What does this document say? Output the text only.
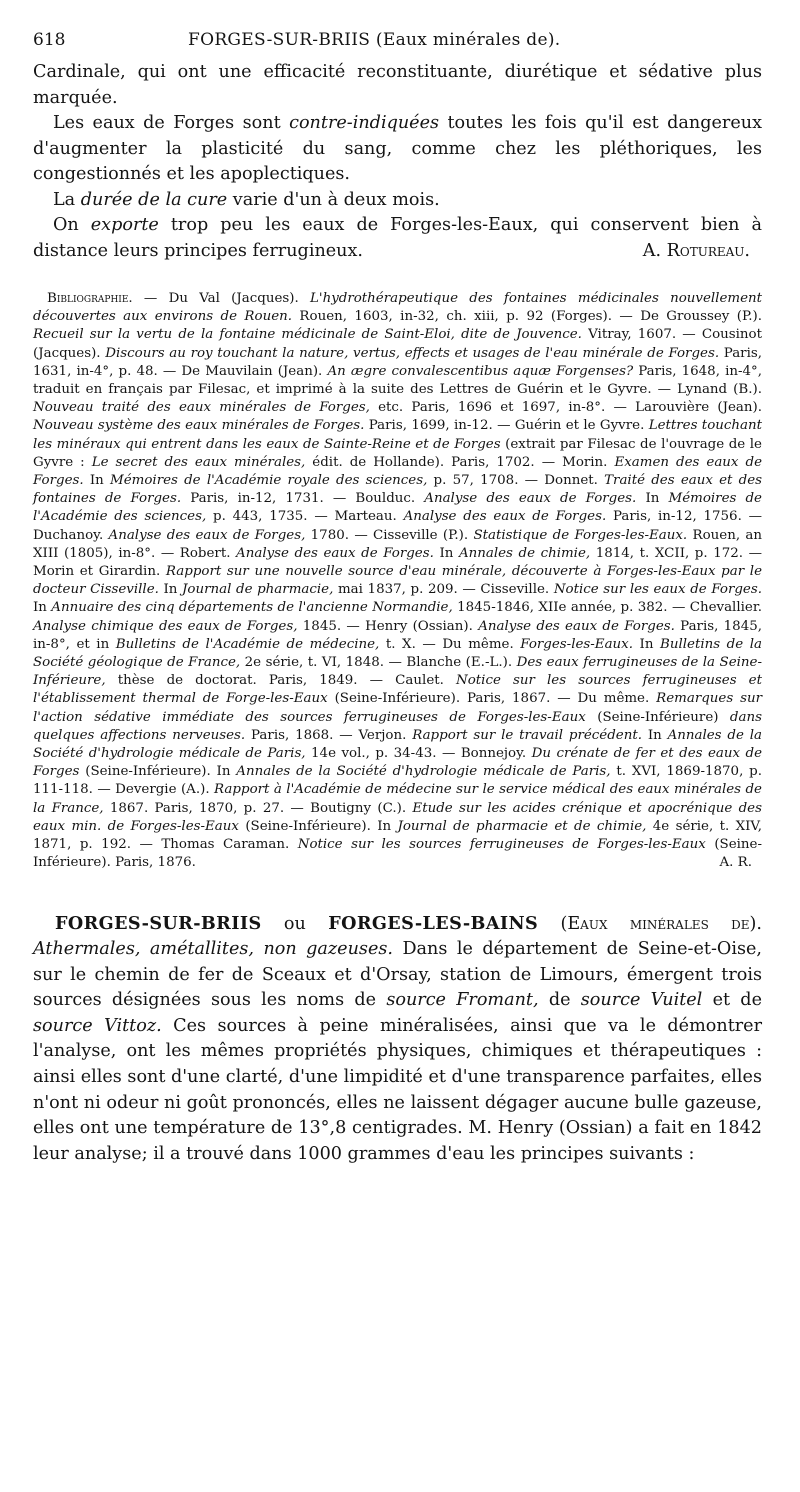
618	FORGES-SUR-BRIIS (Eaux minérales de).

Cardinale, qui ont une efficacité reconstituante, diurétique et sédative plus marquée.

Les eaux de Forges sont contre-indiquées toutes les fois qu'il est dangereux d'augmenter la plasticité du sang, comme chez les pléthoriques, les congestionnés et les apoplectiques.

La durée de la cure varie d'un à deux mois.

On exporte trop peu les eaux de Forges-les-Eaux, qui conservent bien à distance leurs principes ferrugineux.	A. Rotureau.

Bibliographie. — Du Val (Jacques). L'hydrothérapeutique des fontaines médicinales nouvellement découvertes aux environs de Rouen. Rouen, 1603, in-32, ch. xiii, p. 92 (Forges). — De Groussey (P.). Recueil sur la vertu de la fontaine médicinale de Saint-Eloi, dite de Jouvence. Vitray, 1607. — Cousinot (Jacques). Discours au roy touchant la nature, vertus, effects et usages de l'eau minérale de Forges. Paris, 1631, in-4°, p. 48. — De Mauvilain (Jean). An ægre convalescentibus aquæ Forgenses? Paris, 1648, in-4°, traduit en français par Filesac, et imprimé à la suite des Lettres de Guérin et le Gyvre. — Lynand (B.). Nouveau traité des eaux minérales de Forges, etc. Paris, 1696 et 1697, in-8°. — Larouvière (Jean). Nouveau système des eaux minérales de Forges. Paris, 1699, in-12. — Guérin et le Gyvre. Lettres touchant les minéraux qui entrent dans les eaux de Sainte-Reine et de Forges (extrait par Filesac de l'ouvrage de le Gyvre : Le secret des eaux minérales, édit. de Hollande). Paris, 1702. — Morin. Examen des eaux de Forges. In Mémoires de l'Académie royale des sciences, p. 57, 1708. — Donnet. Traité des eaux et des fontaines de Forges. Paris, in-12, 1731. — Boulduc. Analyse des eaux de Forges. In Mémoires de l'Académie des sciences, p. 443, 1735. — Marteau. Analyse des eaux de Forges. Paris, in-12, 1756. — Duchanoy. Analyse des eaux de Forges, 1780. — Cisseville (P.). Statistique de Forges-les-Eaux. Rouen, an XIII (1805), in-8°. — Robert. Analyse des eaux de Forges. In Annales de chimie, 1814, t. XCII, p. 172. — Morin et Girardin. Rapport sur une nouvelle source d'eau minérale, découverte à Forges-les-Eaux par le docteur Cisseville. In Journal de pharmacie, mai 1837, p. 209. — Cisseville. Notice sur les eaux de Forges. In Annuaire des cinq départements de l'ancienne Normandie, 1845-1846, XIIe année, p. 382. — Chevallier. Analyse chimique des eaux de Forges, 1845. — Henry (Ossian). Analyse des eaux de Forges. Paris, 1845, in-8°, et in Bulletins de l'Académie de médecine, t. X. — Du même. Forges-les-Eaux. In Bulletins de la Société géologique de France, 2e série, t. VI, 1848. — Blanche (E.-L.). Des eaux ferrugineuses de la Seine-Inférieure, thèse de doctorat. Paris, 1849. — Caulet. Notice sur les sources ferrugineuses et l'établissement thermal de Forge-les-Eaux (Seine-Inférieure). Paris, 1867. — Du même. Remarques sur l'action sédative immédiate des sources ferrugineuses de Forges-les-Eaux (Seine-Inférieure) dans quelques affections nerveuses. Paris, 1868. — Verjon. Rapport sur le travail précédent. In Annales de la Société d'hydrologie médicale de Paris, 14e vol., p. 34-43. — Bonnejoy. Du crénate de fer et des eaux de Forges (Seine-Inférieure). In Annales de la Société d'hydrologie médicale de Paris, t. XVI, 1869-1870, p. 111-118. — Devergie (A.). Rapport à l'Académie de médecine sur le service médical des eaux minérales de la France, 1867. Paris, 1870, p. 27. — Boutigny (C.). Etude sur les acides crénique et apocrénique des eaux min. de Forges-les-Eaux (Seine-Inférieure). In Journal de pharmacie et de chimie, 4e série, t. XIV, 1871, p. 192. — Thomas Caraman. Notice sur les sources ferrugineuses de Forges-les-Eaux (Seine-Inférieure). Paris, 1876.	A. R.

FORGES-SUR-BRIIS ou FORGES-LES-BAINS (Eaux minérales de). Athermales, amétallites, non gazeuses. Dans le département de Seine-et-Oise, sur le chemin de fer de Sceaux et d'Orsay, station de Limours, émergent trois sources désignées sous les noms de source Fromant, de source Vuitel et de source Vittoz. Ces sources à peine minéralisées, ainsi que va le démontrer l'analyse, ont les mêmes propriétés physiques, chimiques et thérapeutiques : ainsi elles sont d'une clarté, d'une limpidité et d'une transparence parfaites, elles n'ont ni odeur ni goût prononcés, elles ne laissent dégager aucune bulle gazeuse, elles ont une température de 13°,8 centigrades. M. Henry (Ossian) a fait en 1842 leur analyse; il a trouvé dans 1000 grammes d'eau les principes suivants :
